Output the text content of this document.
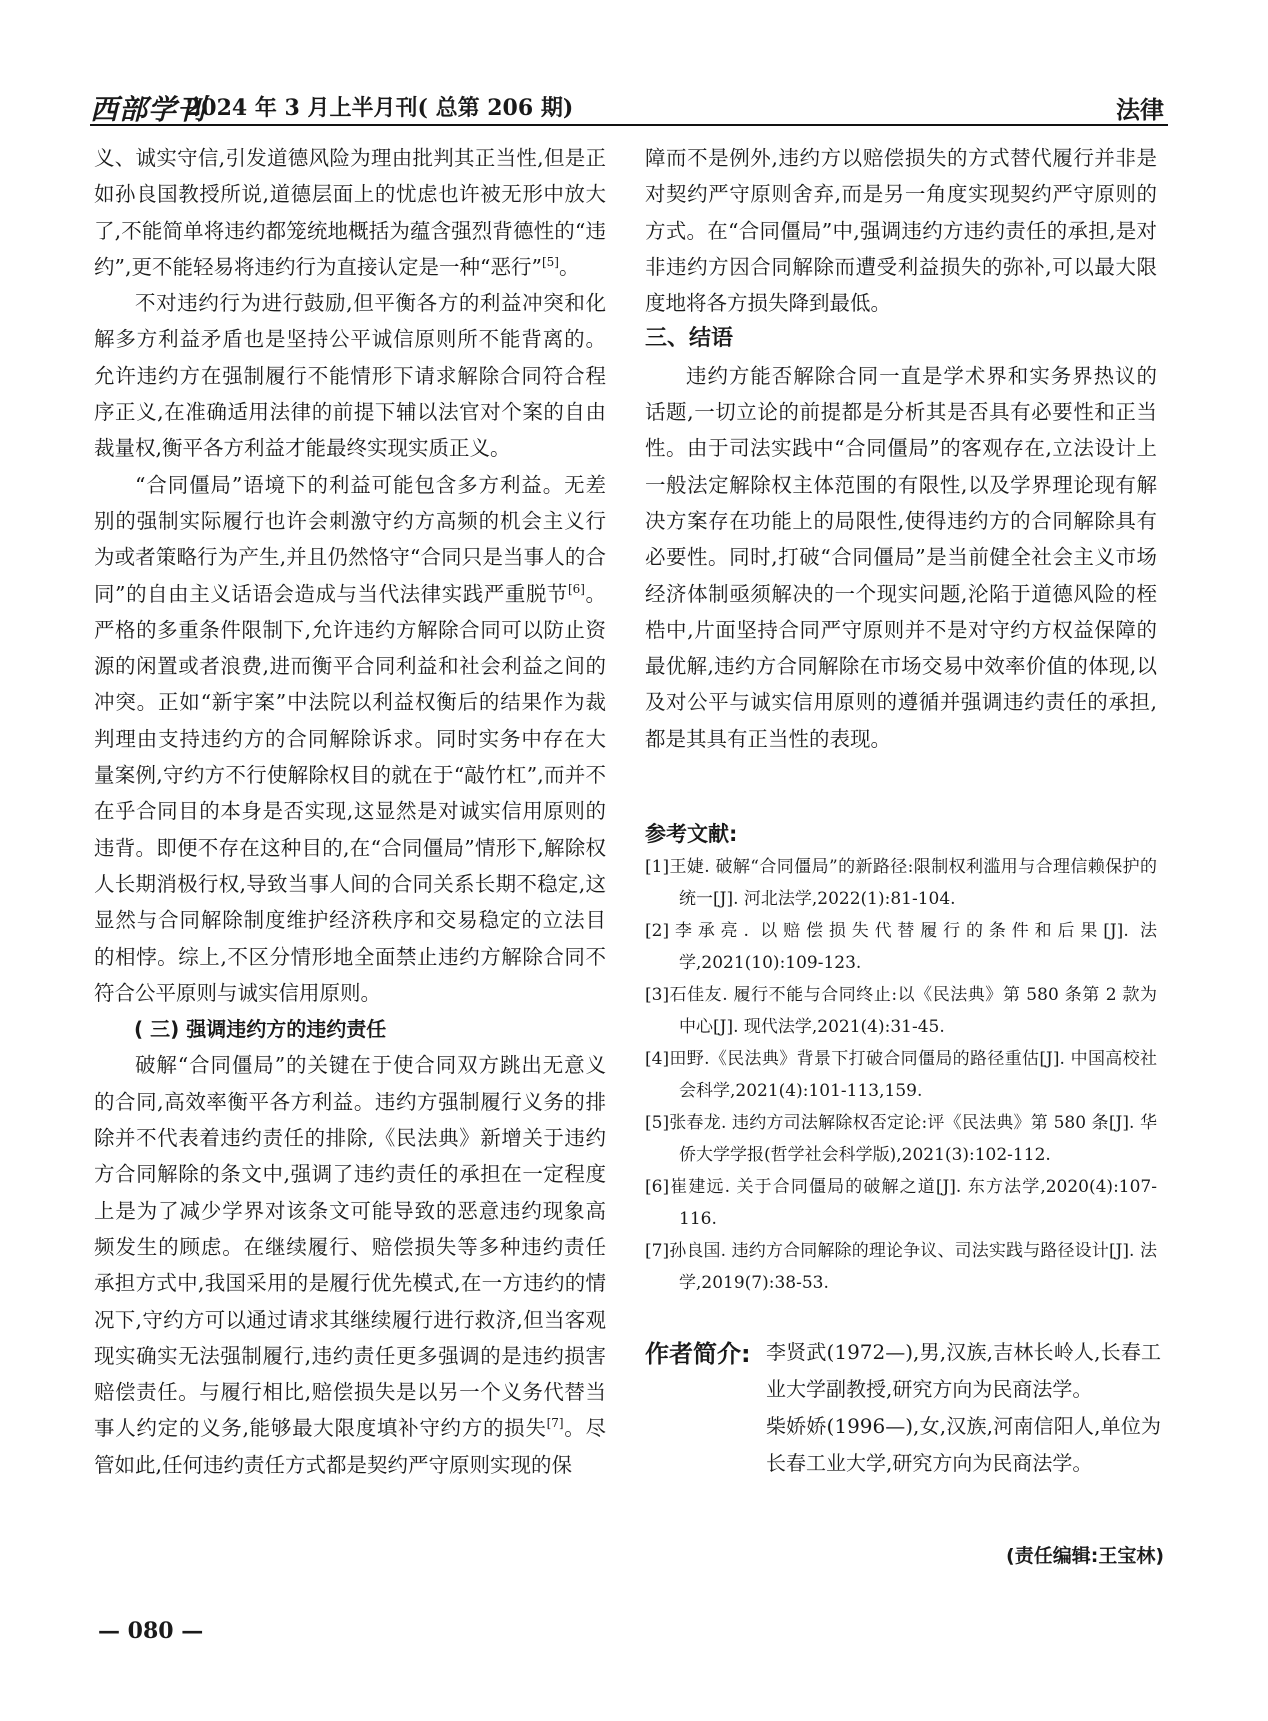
西部学刊
2024 年 3 月上半月刊( 总第 206 期)	法律

义、诚实守信,引发道德风险为理由批判其正当性,但是正如孙良国教授所说,道德层面上的忧虑也许被无形中放大了,不能简单将违约都笼统地概括为蕴含强烈背德性的“违约”,更不能轻易将违约行为直接认定是一种“恶行”[5]。

不对违约行为进行鼓励,但平衡各方的利益冲突和化解多方利益矛盾也是坚持公平诚信原则所不能背离的。允许违约方在强制履行不能情形下请求解除合同符合程序正义,在准确适用法律的前提下辅以法官对个案的自由裁量权,衡平各方利益才能最终实现实质正义。

“合同僵局”语境下的利益可能包含多方利益。无差别的强制实际履行也许会刺激守约方高频的机会主义行为或者策略行为产生,并且仍然恪守“合同只是当事人的合同”的自由主义话语会造成与当代法律实践严重脱节[6]。严格的多重条件限制下,允许违约方解除合同可以防止资源的闲置或者浪费,进而衡平合同利益和社会利益之间的冲突。正如“新宇案”中法院以利益权衡后的结果作为裁判理由支持违约方的合同解除诉求。同时实务中存在大量案例,守约方不行使解除权目的就在于“敲竹杠”,而并不在乎合同目的本身是否实现,这显然是对诚实信用原则的违背。即便不存在这种目的,在“合同僵局”情形下,解除权人长期消极行权,导致当事人间的合同关系长期不稳定,这显然与合同解除制度维护经济秩序和交易稳定的立法目的相悖。综上,不区分情形地全面禁止违约方解除合同不符合公平原则与诚实信用原则。

( 三) 强调违约方的违约责任

破解“合同僵局”的关键在于使合同双方跳出无意义的合同,高效率衡平各方利益。违约方强制履行义务的排除并不代表着违约责任的排除,《民法典》新增关于违约方合同解除的条文中,强调了违约责任的承担在一定程度上是为了减少学界对该条文可能导致的恶意违约现象高频发生的顾虑。在继续履行、赔偿损失等多种违约责任承担方式中,我国采用的是履行优先模式,在一方违约的情况下,守约方可以通过请求其继续履行进行救济,但当客观现实确实无法强制履行,违约责任更多强调的是违约损害赔偿责任。与履行相比,赔偿损失是以另一个义务代替当事人约定的义务,能够最大限度填补守约方的损失[7]。尽管如此,任何违约责任方式都是契约严守原则实现的保

障而不是例外,违约方以赔偿损失的方式替代履行并非是对契约严守原则舍弃,而是另一角度实现契约严守原则的方式。在“合同僵局”中,强调违约方违约责任的承担,是对非违约方因合同解除而遭受利益损失的弥补,可以最大限度地将各方损失降到最低。

三、结语

违约方能否解除合同一直是学术界和实务界热议的话题,一切立论的前提都是分析其是否具有必要性和正当性。由于司法实践中“合同僵局”的客观存在,立法设计上一般法定解除权主体范围的有限性,以及学界理论现有解决方案存在功能上的局限性,使得违约方的合同解除具有必要性。同时,打破“合同僵局”是当前健全社会主义市场经济体制亟须解决的一个现实问题,沦陷于道德风险的桎梏中,片面坚持合同严守原则并不是对守约方权益保障的最优解,违约方合同解除在市场交易中效率价值的体现,以及对公平与诚实信用原则的遵循并强调违约责任的承担,都是其具有正当性的表现。

参考文献:
[1]王婕. 破解“合同僵局”的新路径:限制权利滥用与合理信赖保护的统一[J]. 河北法学,2022(1):81-104.
[2]李承亮. 以赔偿损失代替履行的条件和后果[J]. 法学,2021(10):109-123.
[3]石佳友. 履行不能与合同终止:以《民法典》第 580 条第 2 款为中心[J]. 现代法学,2021(4):31-45.
[4]田野.《民法典》背景下打破合同僵局的路径重估[J]. 中国高校社会科学,2021(4):101-113,159.
[5]张春龙. 违约方司法解除权否定论:评《民法典》第 580 条[J]. 华侨大学学报(哲学社会科学版),2021(3):102-112.
[6]崔建远. 关于合同僵局的破解之道[J]. 东方法学,2020(4):107-116.
[7]孙良国. 违约方合同解除的理论争议、司法实践与路径设计[J]. 法学,2019(7):38-53.
作者简介: 李贤武(1972—),男,汉族,吉林长岭人,长春工业大学副教授,研究方向为民商法学。

柴娇娇(1996—),女,汉族,河南信阳人,单位为长春工业大学,研究方向为民商法学。

(责任编辑:王宝林)
— 080 —
